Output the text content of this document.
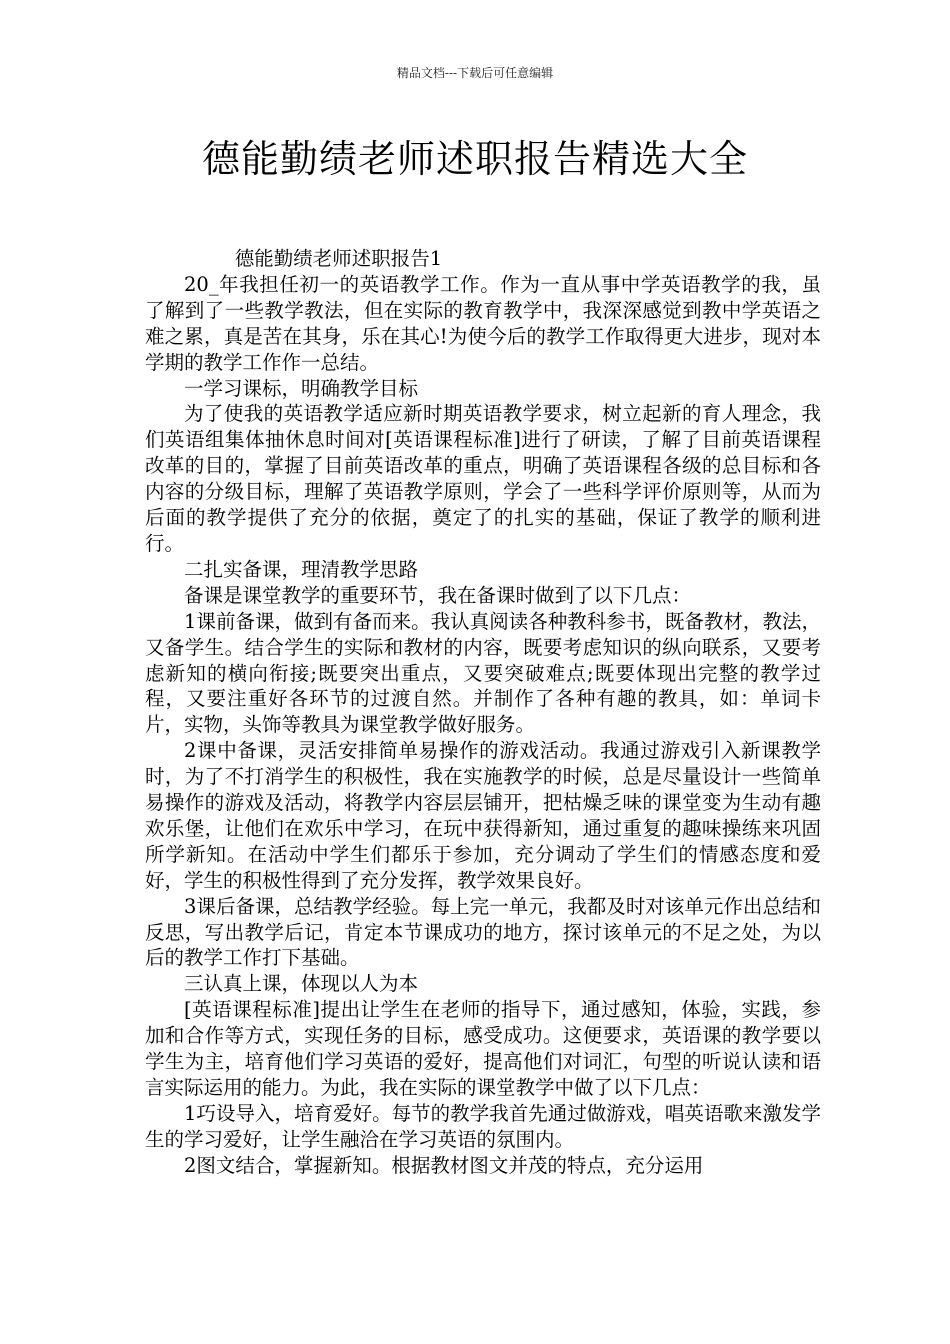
精品文档---下载后可任意编辑
德能勤绩老师述职报告精选大全

德能勤绩老师述职报告1

20_年我担任初一的英语教学工作。作为一直从事中学英语教学的我，虽了解到了一些教学教法，但在实际的教育教学中，我深深感觉到教中学英语之难之累，真是苦在其身，乐在其心!为使今后的教学工作取得更大进步，现对本学期的教学工作作一总结。

一学习课标，明确教学目标

为了使我的英语教学适应新时期英语教学要求，树立起新的育人理念，我们英语组集体抽休息时间对[英语课程标准]进行了研读，了解了目前英语课程改革的目的，掌握了目前英语改革的重点，明确了英语课程各级的总目标和各内容的分级目标，理解了英语教学原则，学会了一些科学评价原则等，从而为后面的教学提供了充分的依据，奠定了的扎实的基础，保证了教学的顺利进行。

二扎实备课，理清教学思路

备课是课堂教学的重要环节，我在备课时做到了以下几点：

1课前备课，做到有备而来。我认真阅读各种教科参书，既备教材，教法，又备学生。结合学生的实际和教材的内容，既要考虑知识的纵向联系，又要考虑新知的横向衔接;既要突出重点，又要突破难点;既要体现出完整的教学过程，又要注重好各环节的过渡自然。并制作了各种有趣的教具，如：单词卡片，实物，头饰等教具为课堂教学做好服务。

2课中备课，灵活安排简单易操作的游戏活动。我通过游戏引入新课教学时，为了不打消学生的积极性，我在实施教学的时候，总是尽量设计一些简单易操作的游戏及活动，将教学内容层层铺开，把枯燥乏味的课堂变为生动有趣欢乐堡，让他们在欢乐中学习，在玩中获得新知，通过重复的趣味操练来巩固所学新知。在活动中学生们都乐于参加，充分调动了学生们的情感态度和爱好，学生的积极性得到了充分发挥，教学效果良好。

3课后备课，总结教学经验。每上完一单元，我都及时对该单元作出总结和反思，写出教学后记，肯定本节课成功的地方，探讨该单元的不足之处，为以后的教学工作打下基础。

三认真上课，体现以人为本

[英语课程标准]提出让学生在老师的指导下，通过感知，体验，实践，参加和合作等方式，实现任务的目标，感受成功。这便要求，英语课的教学要以学生为主，培育他们学习英语的爱好，提高他们对词汇，句型的听说认读和语言实际运用的能力。为此，我在实际的课堂教学中做了以下几点：

1巧设导入，培育爱好。每节的教学我首先通过做游戏，唱英语歌来激发学生的学习爱好，让学生融洽在学习英语的氛围内。

2图文结合，掌握新知。根据教材图文并茂的特点，充分运用
